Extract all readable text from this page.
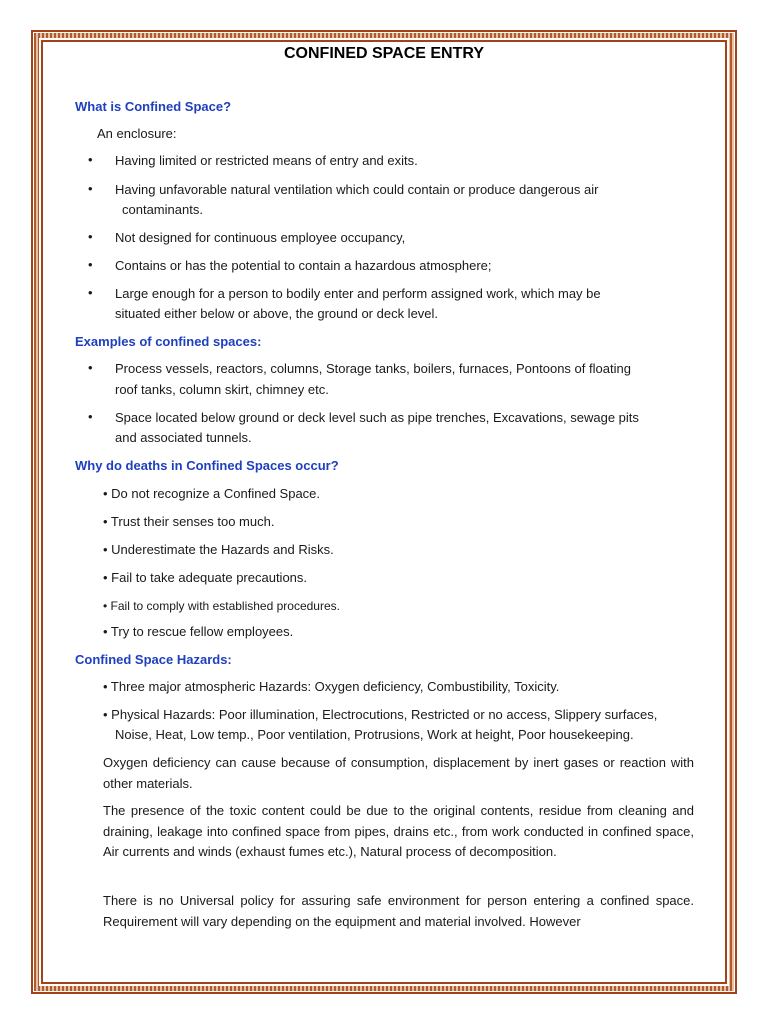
CONFINED SPACE ENTRY
What is Confined Space?
An enclosure:
• Having limited or restricted means of entry and exits.
• Having unfavorable natural ventilation which could contain or produce dangerous air
contaminants.
• Not designed for continuous employee occupancy,
• Contains or has the potential to contain a hazardous atmosphere;
• Large enough for a person to bodily enter and perform assigned work, which may be
situated either below or above, the ground or deck level.
Examples of confined spaces:
• Process vessels, reactors, columns, Storage tanks, boilers, furnaces, Pontoons of floating
roof tanks, column skirt, chimney etc.
• Space located below ground or deck level such as pipe trenches, Excavations, sewage pits
and associated tunnels.
Why do deaths in Confined Spaces occur?
• Do not recognize a Confined Space.
• Trust their senses too much.
• Underestimate the Hazards and Risks.
• Fail to take adequate precautions.
• Fail to comply with established procedures.
• Try to rescue fellow employees.
Confined Space Hazards:
• Three major atmospheric Hazards: Oxygen deficiency, Combustibility, Toxicity.
• Physical Hazards: Poor illumination, Electrocutions, Restricted or no access, Slippery surfaces,
Noise, Heat, Low temp., Poor ventilation, Protrusions, Work at height, Poor housekeeping.
Oxygen deficiency can cause because of consumption, displacement by inert gases or reaction with other materials.
The presence of the toxic content could be due to the original contents, residue from cleaning and draining, leakage into confined space from pipes, drains etc., from work conducted in confined space, Air currents and winds (exhaust fumes etc.), Natural process of decomposition.
There is no Universal policy for assuring safe environment for person entering a confined space. Requirement will vary depending on the equipment and material involved. However
